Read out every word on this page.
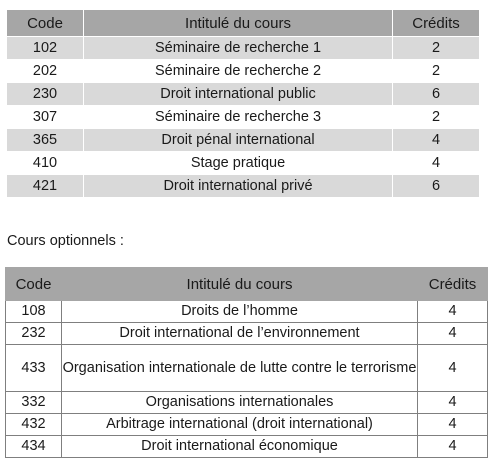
Code	Intitulé du cours	Crédits
102	Séminaire de recherche 1	2
202	Séminaire de recherche 2	2
230	Droit international public	6
307	Séminaire de recherche 3	2
365	Droit pénal international	4
410	Stage pratique	4
421	Droit international privé	6

Cours optionnels :

Code	Intitulé du cours	Crédits
108	Droits de l’homme	4
232	Droit international de l’environnement	4
433	Organisation internationale de lutte contre le terrorisme	4
332	Organisations internationales	4
432	Arbitrage international (droit international)	4
434	Droit international économique	4
